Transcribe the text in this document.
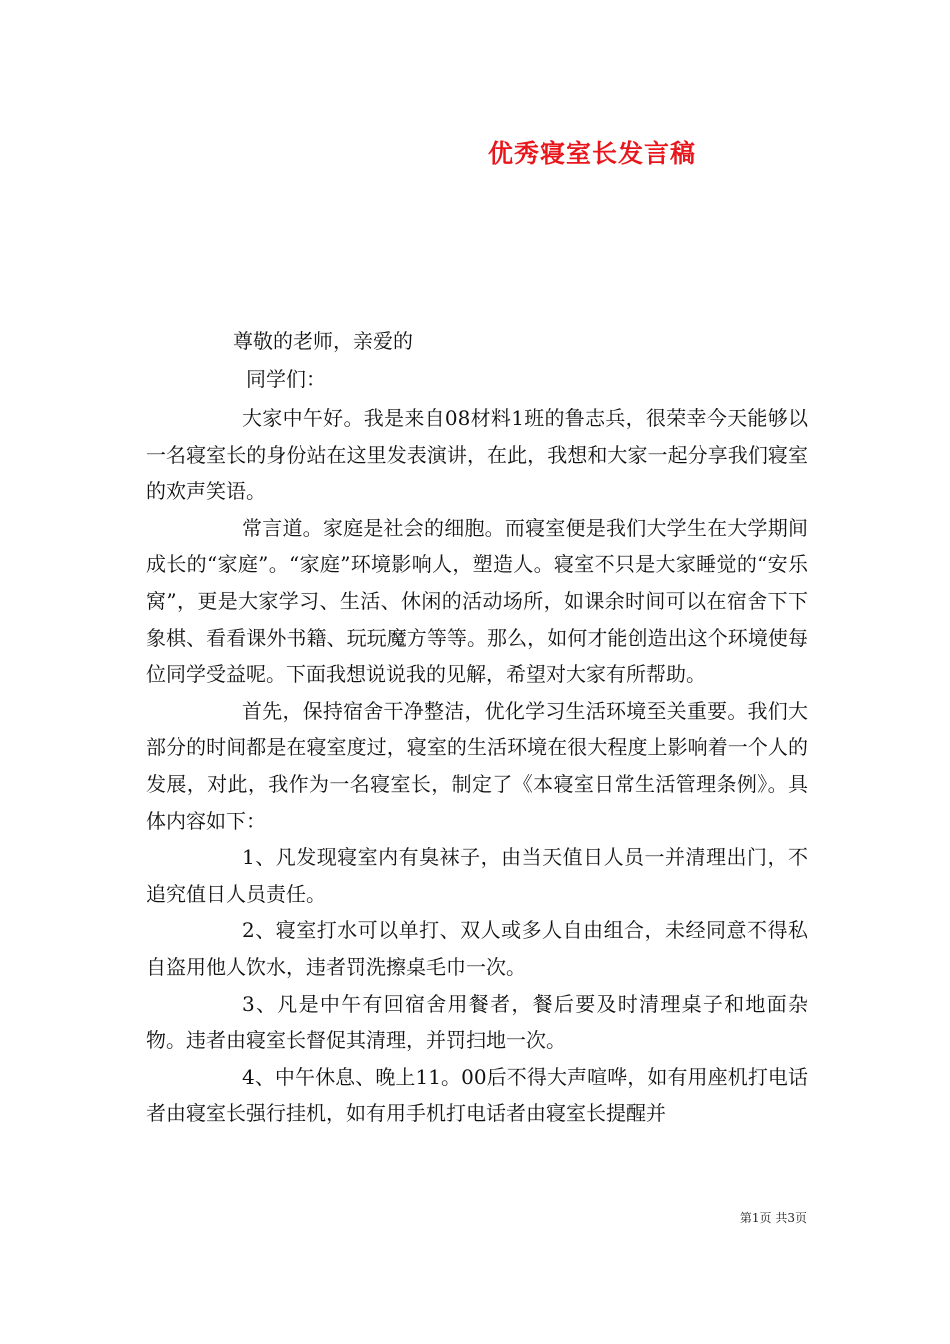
优秀寝室长发言稿
尊敬的老师，亲爱的
同学们：

大家中午好。我是来自08材料1班的鲁志兵，很荣幸今天能够以一名寝室长的身份站在这里发表演讲，在此，我想和大家一起分享我们寝室的欢声笑语。

常言道。家庭是社会的细胞。而寝室便是我们大学生在大学期间成长的“家庭”。“家庭”环境影响人，塑造人。寝室不只是大家睡觉的“安乐窝”，更是大家学习、生活、休闲的活动场所，如课余时间可以在宿舍下下象棋、看看课外书籍、玩玩魔方等等。那么，如何才能创造出这个环境使每位同学受益呢。下面我想说说我的见解，希望对大家有所帮助。

首先，保持宿舍干净整洁，优化学习生活环境至关重要。我们大部分的时间都是在寝室度过，寝室的生活环境在很大程度上影响着一个人的发展，对此，我作为一名寝室长，制定了《本寝室日常生活管理条例》。具体内容如下：

1、凡发现寝室内有臭袜子，由当天值日人员一并清理出门，不追究值日人员责任。

2、寝室打水可以单打、双人或多人自由组合，未经同意不得私自盗用他人饮水，违者罚洗擦桌毛巾一次。

3、凡是中午有回宿舍用餐者，餐后要及时清理桌子和地面杂物。违者由寝室长督促其清理，并罚扫地一次。

4、中午休息、晚上11。00后不得大声喧哗，如有用座机打电话者由寝室长强行挂机，如有用手机打电话者由寝室长提醒并

第1页 共3页
